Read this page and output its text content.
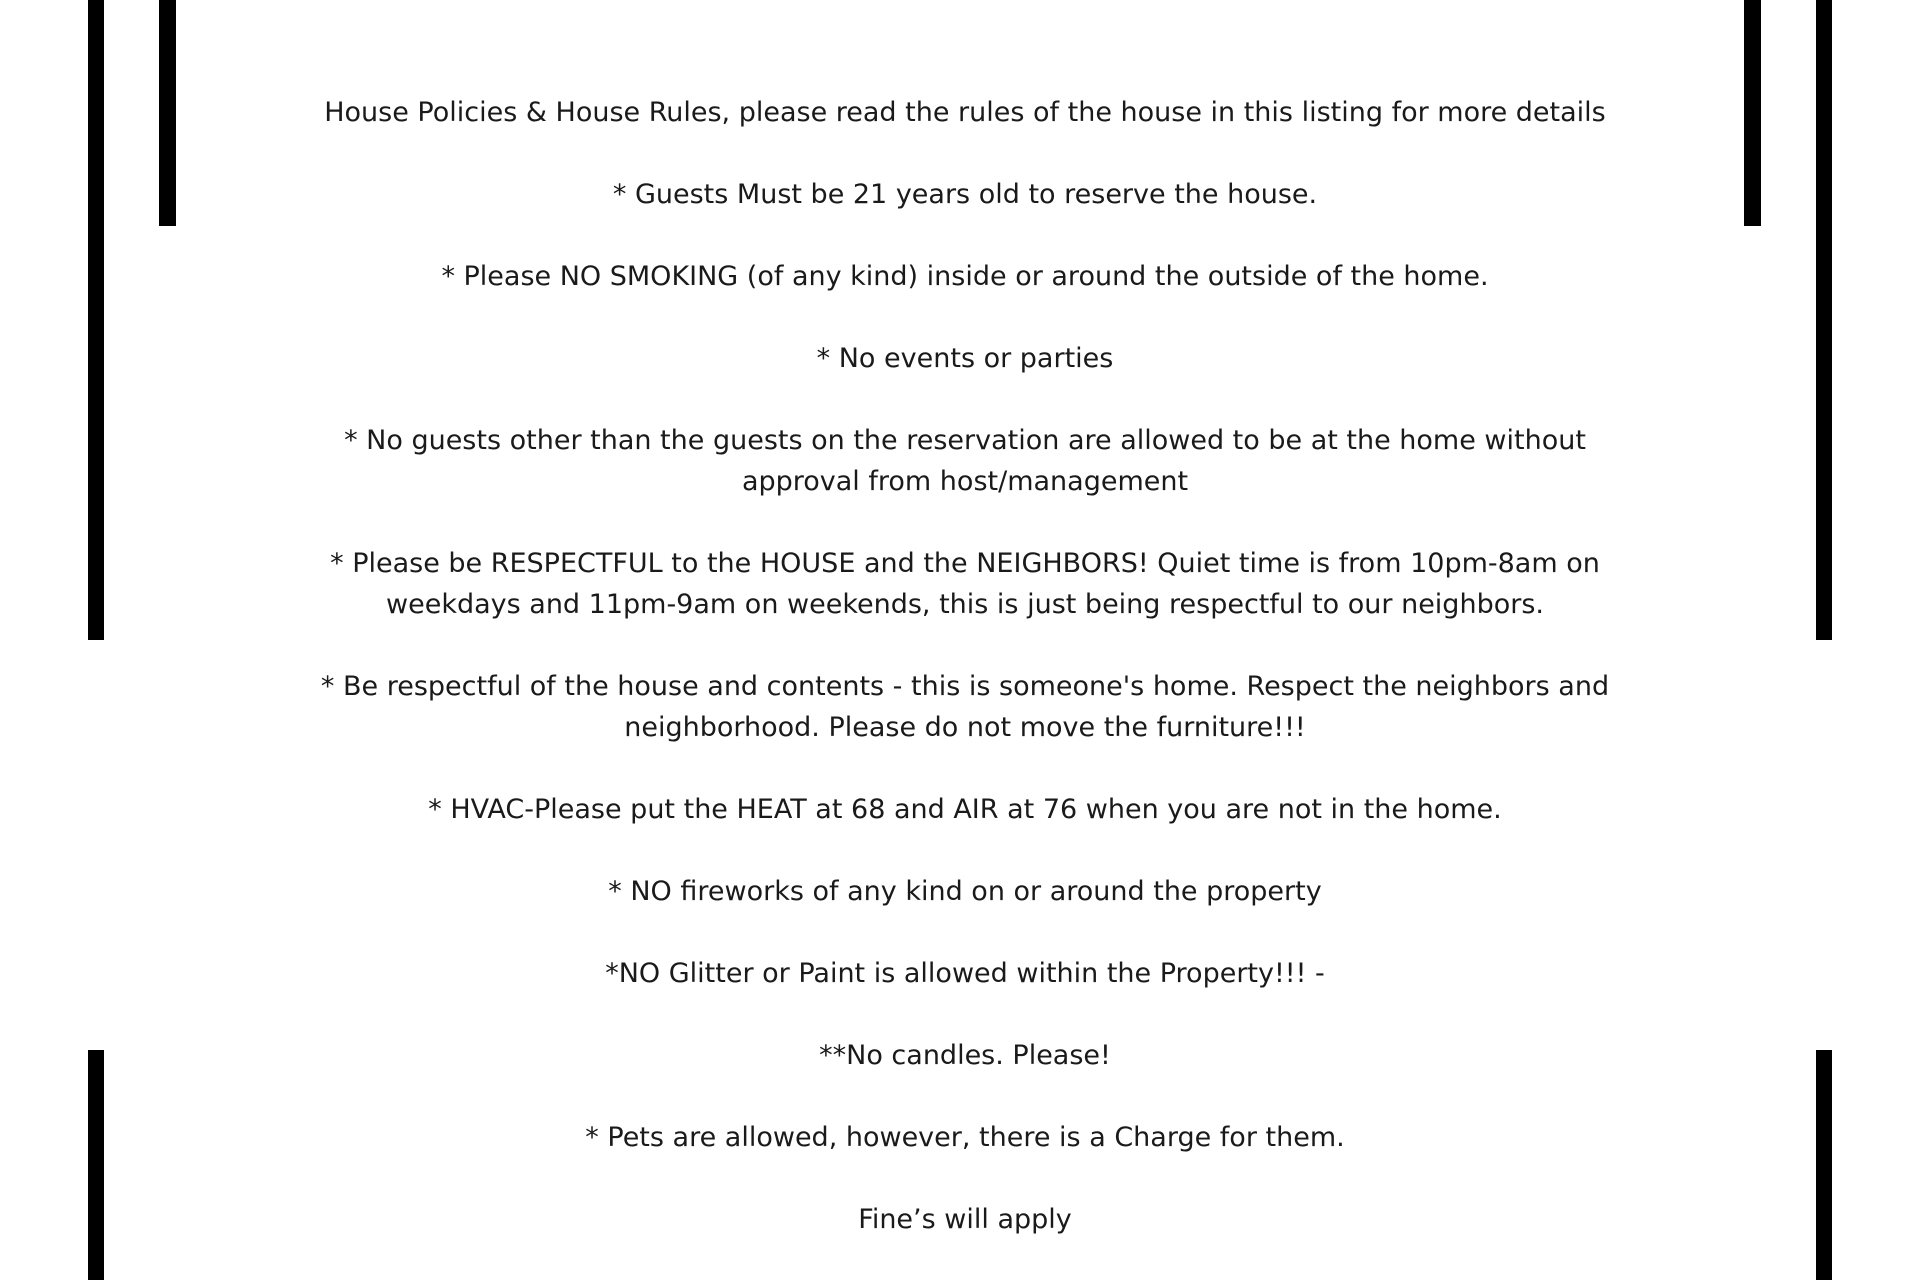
House Policies & House Rules, please read the rules of the house in this listing for more details

* Guests Must be 21 years old to reserve the house.

* Please NO SMOKING (of any kind) inside or around the outside of the home.

* No events or parties

* No guests other than the guests on the reservation are allowed to be at the home without approval from host/management

* Please be RESPECTFUL to the HOUSE and the NEIGHBORS! Quiet time is from 10pm-8am on weekdays and 11pm-9am on weekends, this is just being respectful to our neighbors.

* Be respectful of the house and contents - this is someone's home. Respect the neighbors and neighborhood. Please do not move the furniture!!!

* HVAC-Please put the HEAT at 68 and AIR at 76 when you are not in the home.

* NO fireworks of any kind on or around the property

*NO Glitter or Paint is allowed within the Property!!! -

**No candles. Please!

* Pets are allowed, however, there is a Charge for them.

Fine’s will apply
